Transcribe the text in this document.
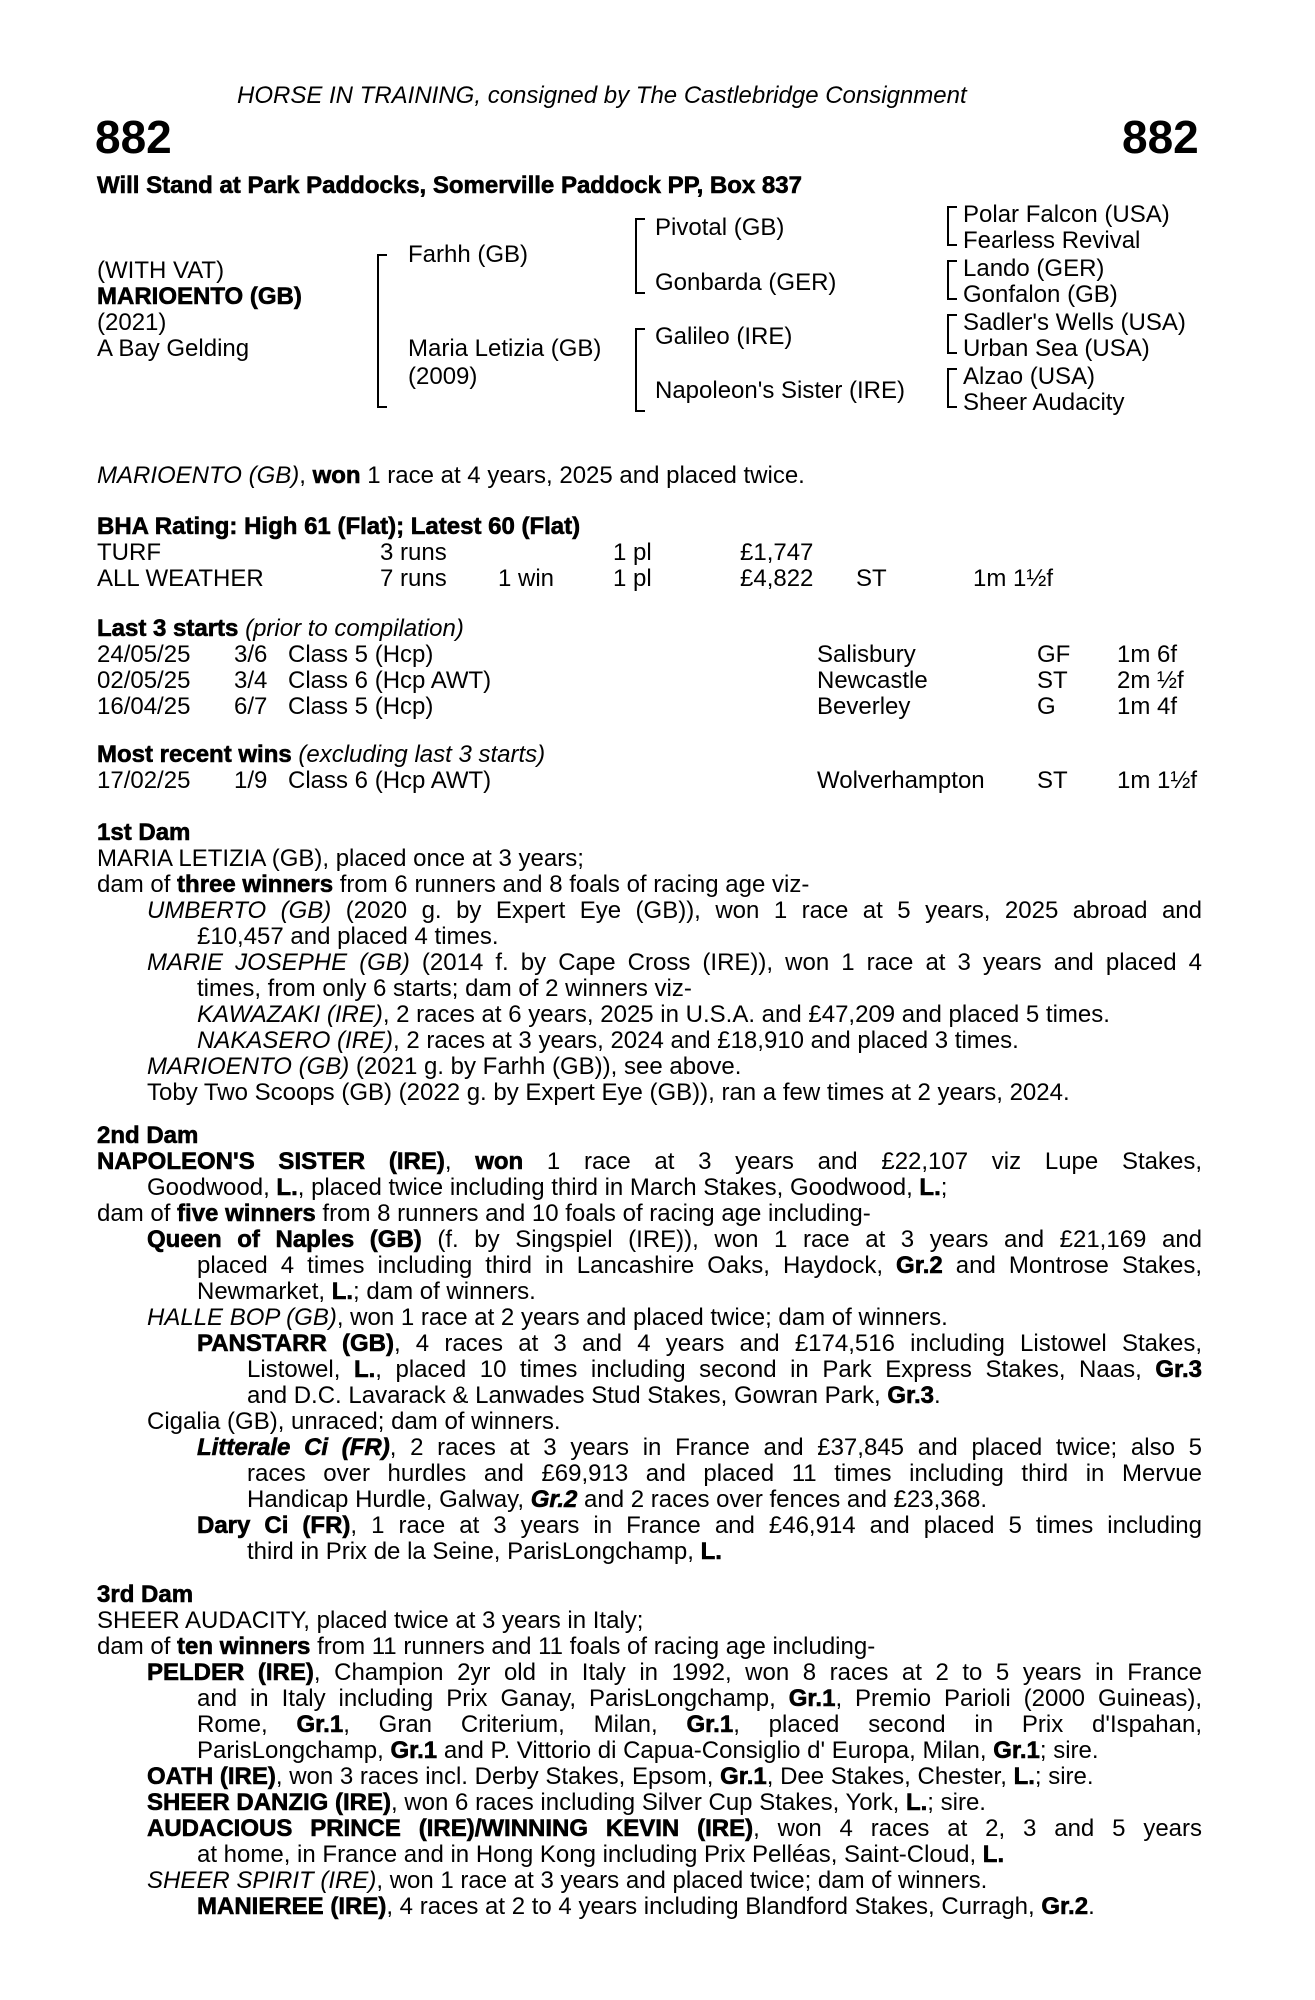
HORSE IN TRAINING, consigned by The Castlebridge Consignment
882	882
Will Stand at Park Paddocks, Somerville Paddock PP, Box 837
(WITH VAT)
MARIOENTO (GB)
(2021)
A Bay Gelding
Farhh (GB)
Maria Letizia (GB)
(2009)
Pivotal (GB)
Gonbarda (GER)
Galileo (IRE)
Napoleon's Sister (IRE)
Polar Falcon (USA)
Fearless Revival
Lando (GER)
Gonfalon (GB)
Sadler's Wells (USA)
Urban Sea (USA)
Alzao (USA)
Sheer Audacity
MARIOENTO (GB), won 1 race at 4 years, 2025 and placed twice.
BHA Rating: High 61 (Flat); Latest 60 (Flat)
TURF	3 runs	1 pl	£1,747
ALL WEATHER	7 runs 1 win 1 pl	£4,822 ST	1m 1½f
Last 3 starts (prior to compilation)
24/05/25 3/6 Class 5 (Hcp)	Salisbury	GF 1m 6f
02/05/25 3/4 Class 6 (Hcp AWT)	Newcastle	ST 2m ½f
16/04/25 6/7 Class 5 (Hcp)	Beverley	G	1m 4f
Most recent wins (excluding last 3 starts)
17/02/25 1/9 Class 6 (Hcp AWT)	Wolverhampton ST 1m 1½f
1st Dam
MARIA LETIZIA (GB), placed once at 3 years;
dam of three winners from 6 runners and 8 foals of racing age viz-
UMBERTO (GB) (2020 g. by Expert Eye (GB)), won 1 race at 5 years, 2025 abroad and
£10,457 and placed 4 times.
MARIE JOSEPHE (GB) (2014 f. by Cape Cross (IRE)), won 1 race at 3 years and placed 4
times, from only 6 starts; dam of 2 winners viz-
KAWAZAKI (IRE), 2 races at 6 years, 2025 in U.S.A. and £47,209 and placed 5 times.
NAKASERO (IRE), 2 races at 3 years, 2024 and £18,910 and placed 3 times.
MARIOENTO (GB) (2021 g. by Farhh (GB)), see above.
Toby Two Scoops (GB) (2022 g. by Expert Eye (GB)), ran a few times at 2 years, 2024.
2nd Dam
NAPOLEON'S SISTER (IRE), won 1 race at 3 years and £22,107 viz Lupe Stakes,
Goodwood, L., placed twice including third in March Stakes, Goodwood, L.;
dam of five winners from 8 runners and 10 foals of racing age including-
Queen of Naples (GB) (f. by Singspiel (IRE)), won 1 race at 3 years and £21,169 and
placed 4 times including third in Lancashire Oaks, Haydock, Gr.2 and Montrose Stakes,
Newmarket, L.; dam of winners.
HALLE BOP (GB), won 1 race at 2 years and placed twice; dam of winners.
PANSTARR (GB), 4 races at 3 and 4 years and £174,516 including Listowel Stakes,
Listowel, L., placed 10 times including second in Park Express Stakes, Naas, Gr.3
and D.C. Lavarack & Lanwades Stud Stakes, Gowran Park, Gr.3.
Cigalia (GB), unraced; dam of winners.
Litterale Ci (FR), 2 races at 3 years in France and £37,845 and placed twice; also 5
races over hurdles and £69,913 and placed 11 times including third in Mervue
Handicap Hurdle, Galway, Gr.2 and 2 races over fences and £23,368.
Dary Ci (FR), 1 race at 3 years in France and £46,914 and placed 5 times including
third in Prix de la Seine, ParisLongchamp, L.
3rd Dam
SHEER AUDACITY, placed twice at 3 years in Italy;
dam of ten winners from 11 runners and 11 foals of racing age including-
PELDER (IRE), Champion 2yr old in Italy in 1992, won 8 races at 2 to 5 years in France
and in Italy including Prix Ganay, ParisLongchamp, Gr.1, Premio Parioli (2000 Guineas),
Rome, Gr.1, Gran Criterium, Milan, Gr.1, placed second in Prix d'Ispahan,
ParisLongchamp, Gr.1 and P. Vittorio di Capua-Consiglio d' Europa, Milan, Gr.1; sire.
OATH (IRE), won 3 races incl. Derby Stakes, Epsom, Gr.1, Dee Stakes, Chester, L.; sire.
SHEER DANZIG (IRE), won 6 races including Silver Cup Stakes, York, L.; sire.
AUDACIOUS PRINCE (IRE)/WINNING KEVIN (IRE), won 4 races at 2, 3 and 5 years
at home, in France and in Hong Kong including Prix Pelléas, Saint-Cloud, L.
SHEER SPIRIT (IRE), won 1 race at 3 years and placed twice; dam of winners.
MANIEREE (IRE), 4 races at 2 to 4 years including Blandford Stakes, Curragh, Gr.2.
